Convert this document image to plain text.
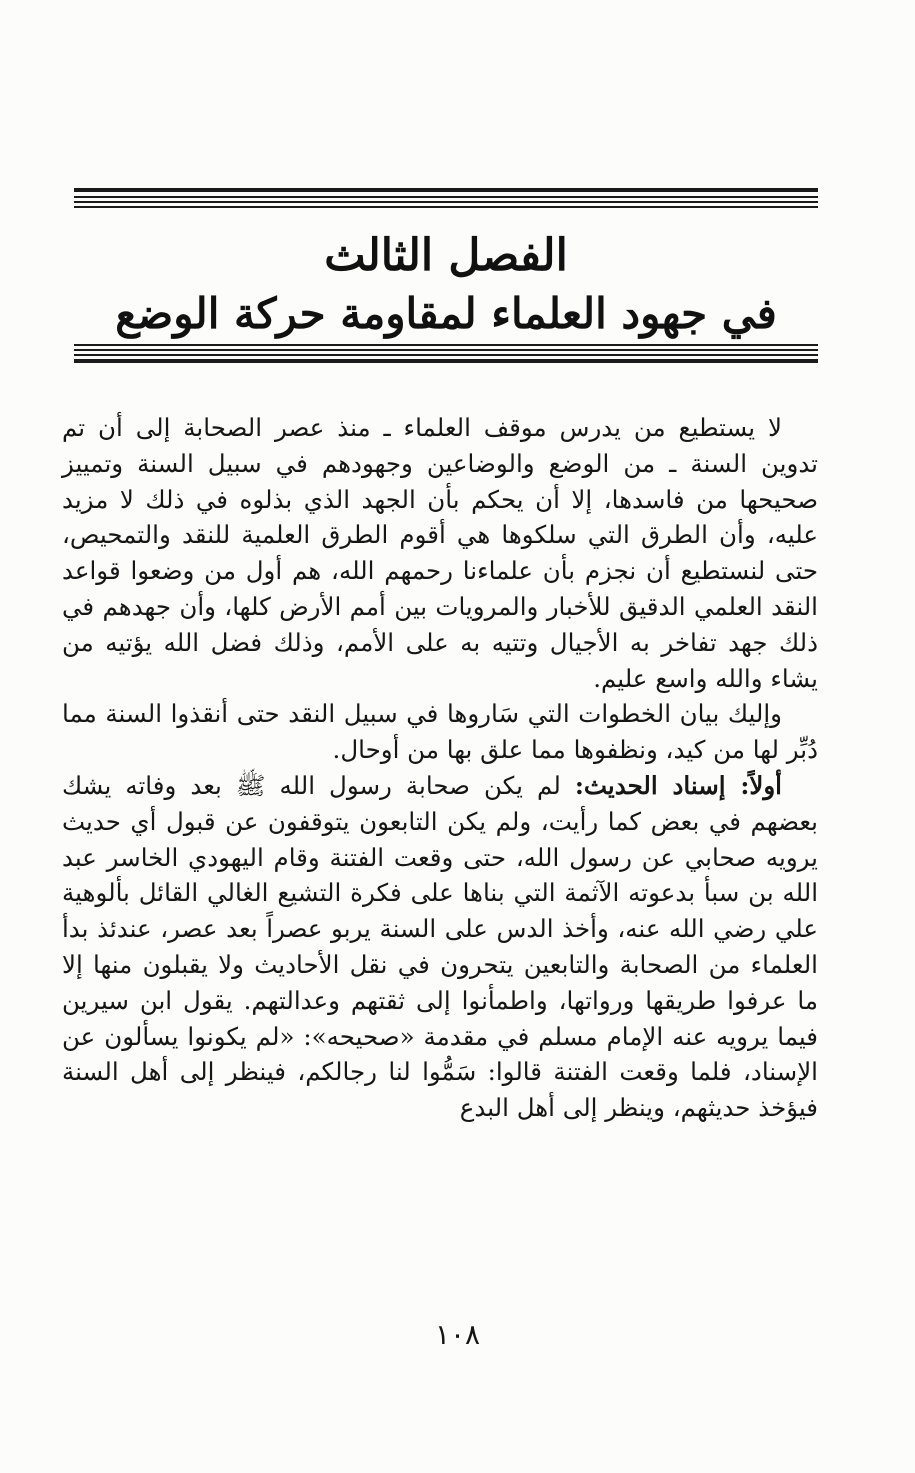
الفصل الثالث
في جهود العلماء لمقاومة حركة الوضع

لا يستطيع من يدرس موقف العلماء ـ منذ عصر الصحابة إلى أن تم تدوين السنة ـ من الوضع والوضاعين وجهودهم في سبيل السنة وتمييز صحيحها من فاسدها، إلا أن يحكم بأن الجهد الذي بذلوه في ذلك لا مزيد عليه، وأن الطرق التي سلكوها هي أقوم الطرق العلمية للنقد والتمحيص، حتى لنستطيع أن نجزم بأن علماءنا رحمهم الله، هم أول من وضعوا قواعد النقد العلمي الدقيق للأخبار والمرويات بين أمم الأرض كلها، وأن جهدهم في ذلك جهد تفاخر به الأجيال وتتيه به على الأمم، وذلك فضل الله يؤتيه من يشاء والله واسع عليم.

وإليك بيان الخطوات التي سَاروها في سبيل النقد حتى أنقذوا السنة مما دُبِّر لها من كيد، ونظفوها مما علق بها من أوحال.

أولاً: إسناد الحديث: لم يكن صحابة رسول الله ﷺ بعد وفاته يشك بعضهم في بعض كما رأيت، ولم يكن التابعون يتوقفون عن قبول أي حديث يرويه صحابي عن رسول الله، حتى وقعت الفتنة وقام اليهودي الخاسر عبد الله بن سبأ بدعوته الآثمة التي بناها على فكرة التشيع الغالي القائل بألوهية علي رضي الله عنه، وأخذ الدس على السنة يربو عصراً بعد عصر، عندئذ بدأ العلماء من الصحابة والتابعين يتحرون في نقل الأحاديث ولا يقبلون منها إلا ما عرفوا طريقها ورواتها، واطمأنوا إلى ثقتهم وعدالتهم. يقول ابن سيرين فيما يرويه عنه الإمام مسلم في مقدمة «صحيحه»: «لم يكونوا يسألون عن الإسناد، فلما وقعت الفتنة قالوا: سَمُّوا لنا رجالكم، فينظر إلى أهل السنة فيؤخذ حديثهم، وينظر إلى أهل البدع

١٠٨
